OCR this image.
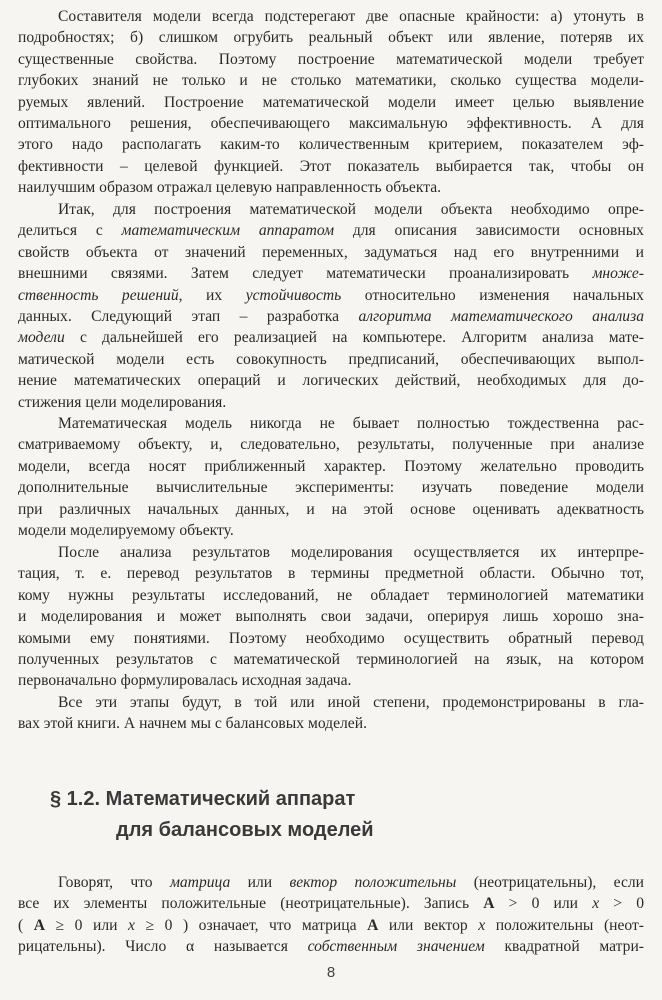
Составителя модели всегда подстерегают две опасные крайности: а) утонуть в
подробностях; б) слишком огрубить реальный объект или явление, потеряв их
существенные свойства. Поэтому построение математической модели требует
глубоких знаний не только и не столько математики, сколько существа модели-
руемых явлений. Построение математической модели имеет целью выявление
оптимального решения, обеспечивающего максимальную эффективность. А для
этого надо располагать каким-то количественным критерием, показателем эф-
фективности – целевой функцией. Этот показатель выбирается так, чтобы он
наилучшим образом отражал целевую направленность объекта.
Итак, для построения математической модели объекта необходимо опре-
делиться с математическим аппаратом для описания зависимости основных
свойств объекта от значений переменных, задуматься над его внутренними и
внешними связями. Затем следует математически проанализировать множе-
ственность решений, их устойчивость относительно изменения начальных
данных. Следующий этап – разработка алгоритма математического анализа
модели с дальнейшей его реализацией на компьютере. Алгоритм анализа мате-
матической модели есть совокупность предписаний, обеспечивающих выпол-
нение математических операций и логических действий, необходимых для до-
стижения цели моделирования.
Математическая модель никогда не бывает полностью тождественна рас-
сматриваемому объекту, и, следовательно, результаты, полученные при анализе
модели, всегда носят приближенный характер. Поэтому желательно проводить
дополнительные вычислительные эксперименты: изучать поведение модели
при различных начальных данных, и на этой основе оценивать адекватность
модели моделируемому объекту.
После анализа результатов моделирования осуществляется их интерпре-
тация, т. е. перевод результатов в термины предметной области. Обычно тот,
кому нужны результаты исследований, не обладает терминологией математики
и моделирования и может выполнять свои задачи, оперируя лишь хорошо зна-
комыми ему понятиями. Поэтому необходимо осуществить обратный перевод
полученных результатов с математической терминологией на язык, на котором
первоначально формулировалась исходная задача.
Все эти этапы будут, в той или иной степени, продемонстрированы в гла-
вах этой книги. А начнем мы с балансовых моделей.
§ 1.2. Математический аппарат
для балансовых моделей
Говорят, что матрица или вектор положительны (неотрицательны), если
все их элементы положительные (неотрицательные). Запись A > 0 или x > 0
( A ≥ 0 или x ≥ 0 ) означает, что матрица A или вектор x положительны (неот-
рицательны). Число α называется собственным значением квадратной матри-
8
